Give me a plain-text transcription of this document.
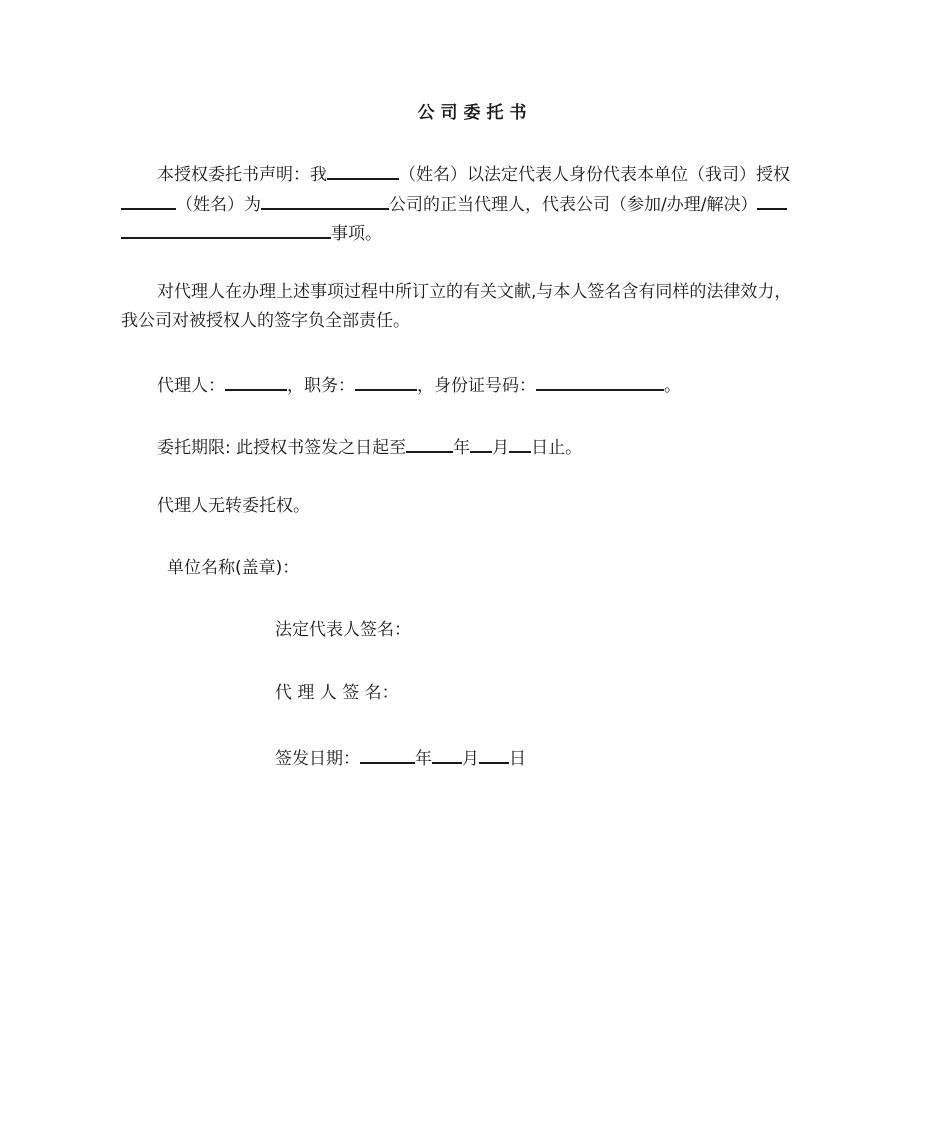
公司委托书
本授权委托书声明：我	（姓名）以法定代表人身份代表本单位（我司）授权
（姓名）为	公司的正当代理人，代表公司（参加/办理/解决）
事项。
对代理人在办理上述事项过程中所订立的有关文献,与本人签名含有同样的法律效力，
我公司对被授权人的签字负全部责任。
代理人：	，职务：	，身份证号码：	。
委托期限: 此授权书签发之日起至	年 月 日止。
代理人无转委托权。
单位名称(盖章)：
法定代表人签名：
代 理 人 签 名：
签发日期：	年 月 日
